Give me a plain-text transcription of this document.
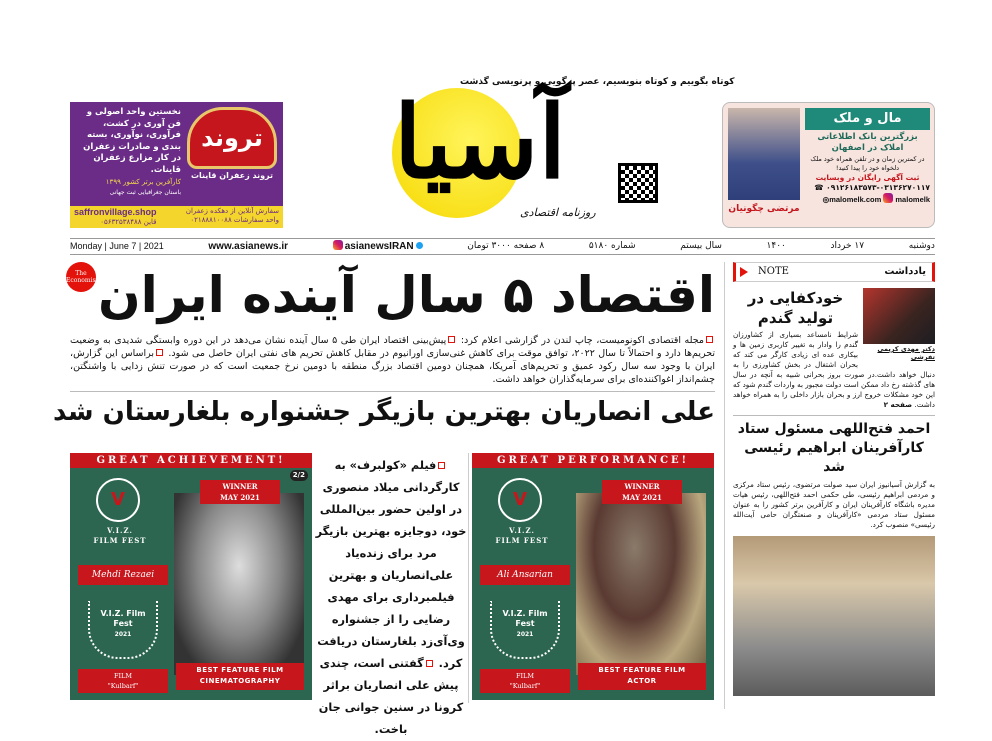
تروند
تروند زعفران قاینات
نخستین واحد اصولی و فن آوری در کشت، فرآوری، نوآوری، بسته بندی و صادرات زعفران در کار مزارع زعفران قاینات.
کارآفرین برتر کشور ۱۳۹۹
باستان جغرافیایی ثبت جهانی
saffronvillage.shop
قاین ۰۵۶۳۲۵۳۸۴۸۸
سفارش آنلاین از دهکده زعفران
واحد سفارشات ۰۲۱۸۸۸۱۰۰۸۸
مرتضی چگونیان
مال و ملک
بزرگترین بانک اطلاعاتی املاک در اصفهان
در کمترین زمان و در تلفن همراه خود ملک دلخواه خود را پیدا کنید!
ثبت آگهی رایگان در وبسایت
☎ ۰۹۱۲۶۱۸۳۵۷۳-۰۳۱۳۶۲۷۰۱۱۷
◎malomelk.com malomelk
آسیا
کوتاه بگوییم و کوتاه بنویسیم، عصر پرگویی و پرنویسی گذشت
روزنامه اقتصادی
Monday | June 7 | 2021	www.asianews.ir	asianewsIRAN	۸ صفحه ۳۰۰۰ تومان	شماره ۵۱۸۰	سال بیستم	۱۴۰۰	۱۷ خرداد	دوشنبه
The Economist اقتصاد ۵ سال آینده ایران
مجله اقتصادی اکونومیست، چاپ لندن در گزارشی اعلام کرد: پیش‌بینی اقتصاد ایران طی ۵ سال آینده نشان می‌دهد در این دوره وابستگی شدیدی به وضعیت تحریم‌ها دارد و احتمالاً تا سال ۲۰۲۲، توافق موقت برای کاهش غنی‌سازی اورانیوم در مقابل کاهش تحریم های نفتی ایران حاصل می شود. براساس این گزارش، ایران با وجود سه سال رکود عمیق و تحریم‌های آمریکا، همچنان دومین اقتصاد بزرگ منطقه با دومین نرخ جمعیت است که در صورت تنش زدایی با واشنگتن، چشم‌انداز اغواکننده‌ای برای سرمایه‌گذاران خواهد داشت.
علی انصاریان بهترین بازیگر جشنواره بلغارستان شد
GREAT ACHIEVEMENT!
2/2
V
V.I.Z.
FILM FEST
Mehdi Rezaei
V.I.Z. Film Fest
2021
FILM
"Kulbarf"
WINNER
MAY 2021
BEST FEATURE FILM
CINEMATOGRAPHY
فیلم «کولبرف» به کارگردانی میلاد منصوری در اولین حضور بین‌المللی خود، دوجایزه بهترین بازیگر مرد برای زنده‌یاد علی‌انصاریان و بهترین فیلمبرداری برای مهدی رضایی را از جشنواره وی‌آی‌زد بلغارستان دریافت کرد. گفتنی است، چندی پیش علی انصاریان براثر کرونا در سنین جوانی جان باخت.
GREAT PERFORMANCE!
V
V.I.Z.
FILM FEST
Ali Ansarian
V.I.Z. Film Fest
2021
FILM
"Kulbarf"
WINNER
MAY 2021
BEST FEATURE FILM
ACTOR
NOTE	یادداشت
دکتر مهدی کریمی تفرشی
خودکفایی در تولید گندم
شرایط نامساعد بسیاری از کشاورزان گندم را وادار به تغییر کاربری زمین ها و بیکاری عده ای زیادی کارگر می کند که بحران اشتغال در بخش کشاورزی را به دنبال خواهد داشت.در صورت بروز بحرانی شبیه به آنچه در سال های گذشته رخ داد ممکن است دولت مجبور به واردات گندم شود که این خود مشکلات خروج ارز و بحران بازار داخلی را به همراه خواهد داشت. صفحه ۲
احمد فتح‌اللهی مسئول ستاد کارآفرینان ابراهیم رئیسی شد
به گزارش آسیانیوز ایران سید صولت مرتضوی، رئیس ستاد مرکزی و مردمی ابراهیم رئیسی، طی حکمی احمد فتح‌اللهی، رئیس هیات مدیره باشگاه کارآفرینان ایران و کارآفرین برتر کشور را به عنوان مسئول ستاد مردمی «کارآفرینان و صنعتگران حامی آیت‌الله رئیسی» منصوب کرد.
